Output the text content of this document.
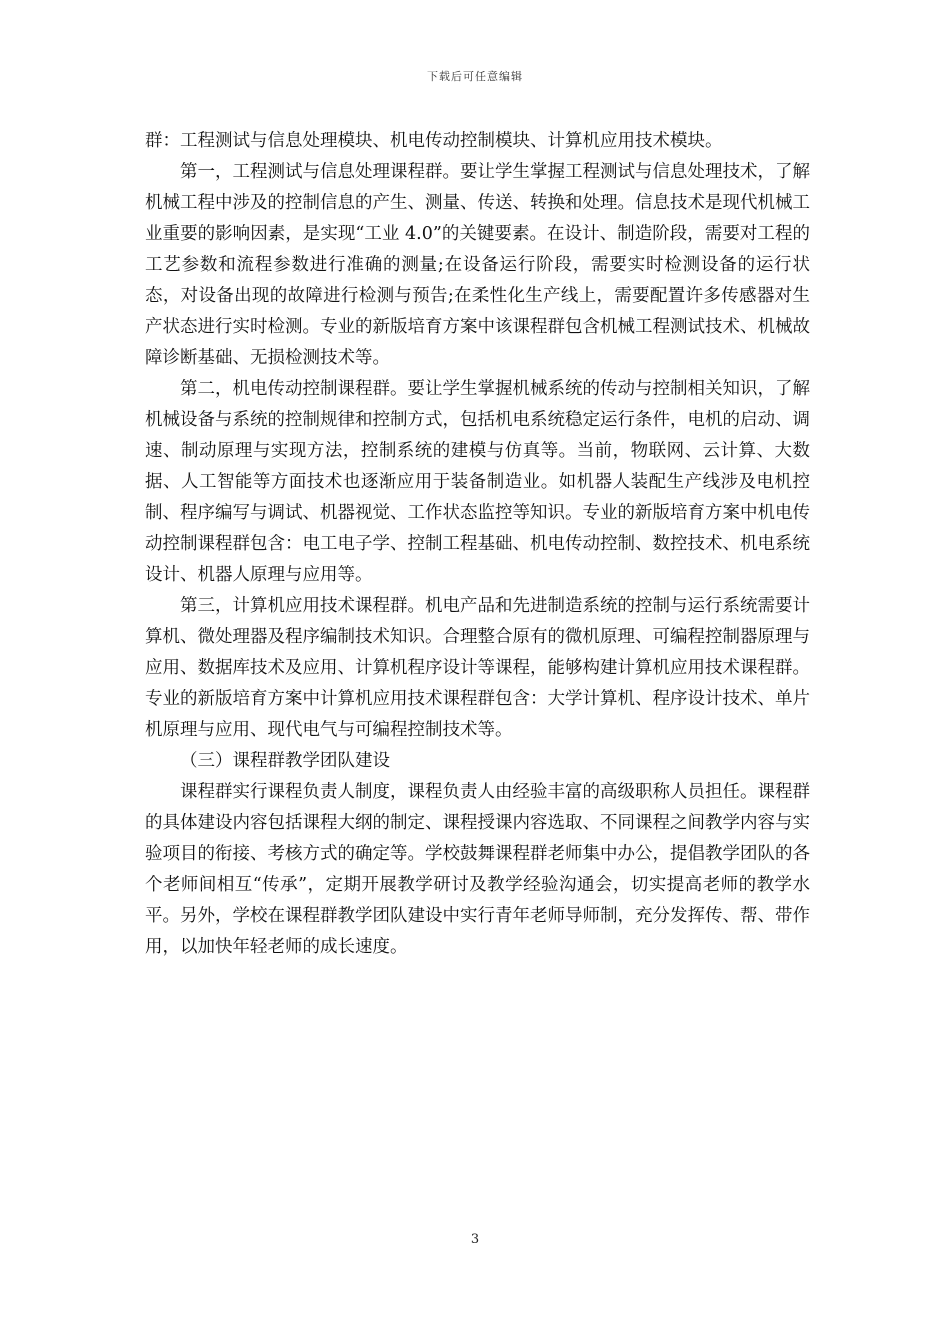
下载后可任意编辑

群：工程测试与信息处理模块、机电传动控制模块、计算机应用技术模块。

第一，工程测试与信息处理课程群。要让学生掌握工程测试与信息处理技术，了解机械工程中涉及的控制信息的产生、测量、传送、转换和处理。信息技术是现代机械工业重要的影响因素，是实现“工业 4.0”的关键要素。在设计、制造阶段，需要对工程的工艺参数和流程参数进行准确的测量;在设备运行阶段，需要实时检测设备的运行状态，对设备出现的故障进行检测与预告;在柔性化生产线上，需要配置许多传感器对生产状态进行实时检测。专业的新版培育方案中该课程群包含机械工程测试技术、机械故障诊断基础、无损检测技术等。

第二，机电传动控制课程群。要让学生掌握机械系统的传动与控制相关知识，了解机械设备与系统的控制规律和控制方式，包括机电系统稳定运行条件，电机的启动、调速、制动原理与实现方法，控制系统的建模与仿真等。当前，物联网、云计算、大数据、人工智能等方面技术也逐渐应用于装备制造业。如机器人装配生产线涉及电机控制、程序编写与调试、机器视觉、工作状态监控等知识。专业的新版培育方案中机电传动控制课程群包含：电工电子学、控制工程基础、机电传动控制、数控技术、机电系统设计、机器人原理与应用等。

第三，计算机应用技术课程群。机电产品和先进制造系统的控制与运行系统需要计算机、微处理器及程序编制技术知识。合理整合原有的微机原理、可编程控制器原理与应用、数据库技术及应用、计算机程序设计等课程，能够构建计算机应用技术课程群。专业的新版培育方案中计算机应用技术课程群包含：大学计算机、程序设计技术、单片机原理与应用、现代电气与可编程控制技术等。

（三）课程群教学团队建设

课程群实行课程负责人制度，课程负责人由经验丰富的高级职称人员担任。课程群的具体建设内容包括课程大纲的制定、课程授课内容选取、不同课程之间教学内容与实验项目的衔接、考核方式的确定等。学校鼓舞课程群老师集中办公，提倡教学团队的各个老师间相互“传承”，定期开展教学研讨及教学经验沟通会，切实提高老师的教学水平。另外，学校在课程群教学团队建设中实行青年老师导师制，充分发挥传、帮、带作用，以加快年轻老师的成长速度。

3
